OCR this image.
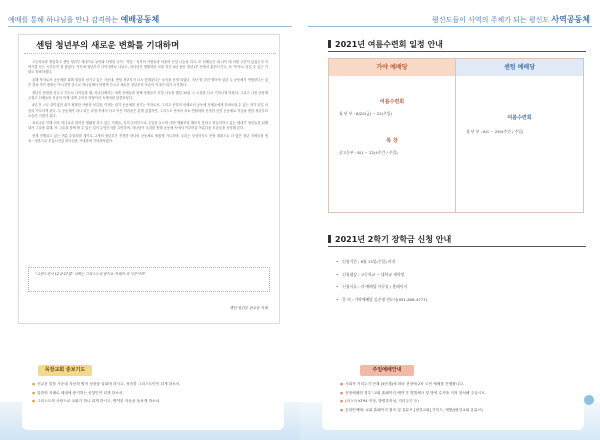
예배를 통해 하나님을 만나 감격하는 예배공동체
센텀 청년부의 새로운 변화를 기대하며

고등학교를 졸업하고 센텀 청년부 새내기로 들어와 다양한 나이・직업・성격의 사람들과 어울려 신앙 나눔을 하고, 또 선배들은 내 나이 때 어떤 고민이 있었는지 이야기를 듣는 시간들이 참 좋았다. 이후에 청년부가 나이대별로 나뉘고, 하나님은 방황하던 나를 지난 4년 동안 청년1부 안에서 훈련시키고, 또 '목자'로 섬길 수 있는 기회도 허락하셨다.

올해 목자로서 공동체를 위해 열심히 섬기고 있는 가운데, 센텀 청년부가 다시 통합된다는 소식을 듣게 되었다. 지난 몇 년간 떨어져 있던 두 공동체가 연합한다는 것은 결코 작은 변화는 아니지만 앞으로 하나님께서 어떻게 가시고 새로운 청년부의 모습이 기대가 되기 시작했다.

청년부 통합을 앞두고 기도로 나아갔을 때, 하나님께서는 내게 선배들과 형제·자매들이 신앙 나눔을 했던 20살 그 시절을 다시 기억나게 하셨다. 그리고 나를 사용해 주셨고 선배들의 모습이 이제 내게 주어진 역할이라 숙제처럼 말씀하셨다.

4년 전 스무 살이었던 내가 평범한 사람과 섬김을, 이제는 내가 공동체를 섬기는 목자로서, 그리고 신앙의 선배로서 공동체 지체들에게 흘려보낼 수 있는 자가 되길 마음의 기도하게 된다. 두 공동체가 하나 되는 과정 속에서 다고 작은 어려움은 분명 있겠지만, 그리스도 안에서 서로 연합하며 진정한 신앙 공동체로 거듭날 센텀 청년부의 모습이 기대가 된다.

코로나로 인해 더욱 하나님과 멀어진 생활을 하고 있는 지체들, 특히 온라인으로 주일을 들으며 대학 생활조차 해보지 못하고 힘들어하고 있는 새내기 청년들을 위해 내가 그들을 위해, 또 그들과 함께 할 수 있는 일이 무엇인지를 고민하며, 하나님이 우리를 통해 공동체 속에서 이루어갈 아름다운 모습들을 상상해 본다.

현재 진행되고 있는 여름 수련회를 계기로, 2개의 청년부가 진정한 하나의 공동체로 새롭게 기도하며, 우리는 상상하지도 못할 계획으로 더 많은 청년 지체들을 영육・영혼으로 부흥시키실 하나님을 기대하며 기다려야겠다.

"고린도전서 12장 27절" 너희는 그리스도의 몸이요 지체의 각 부분이라"
센텀 청년부 편요한 지체
목장교회 중보기도
● 선교문 말씀 가운데 자신의 영적 성장을 살피며 하시고, 성숙한 그리스도인이 되게 하소서.
● 말씀의 지배로 세대에 증거하는 신앙인이 되게 하소서.
● 그리스도의 사랑으로 교회가 하나 되게 하시고, 연약한 자들을 돌보게 하소서.
평신도들이 사역의 주체가 되는 평신도 사역공동체
2021년 여름수련회 일정 안내
가야 예배당
여름수련회
청 년 부 : 8/20(금) ~ 22(주일)
특 강
중고등부 : 8/1 ~ 22(4주간 / 주일)
센텀 예배당
여름수련회
청 년 부 : 8/1 ~ 29(5주간 / 주일)
2021년 2학기 장학금 신청 안내
• 신청기간 : 8월 15일(주일) 까지
• 신청대상 : 고등학교 ~ 대학교 재학생
• 신청서류 : 각 예배당 사무실 / 홈페이지
• 문 의 : 가야예배당 김순명 전도사(051-808-4777)
주일예배안내
● 사회적 거리두기 단계 (5단계)에 따라 현장에 2차 도민 예배를 진행합니다.
● 현장예배의 경우 '교회 홈페이지 예약 후 발열체크 및 방역 수칙을 지켜 참석해 주십시오.
● (마스크 KF94 이상, 방명록작성, 거리두기 등)
● 온라인예배: 교회 홈페이지 접속 및 유튜브 [평강교회] 가이드, 예방/[평강교회 유튜브]
